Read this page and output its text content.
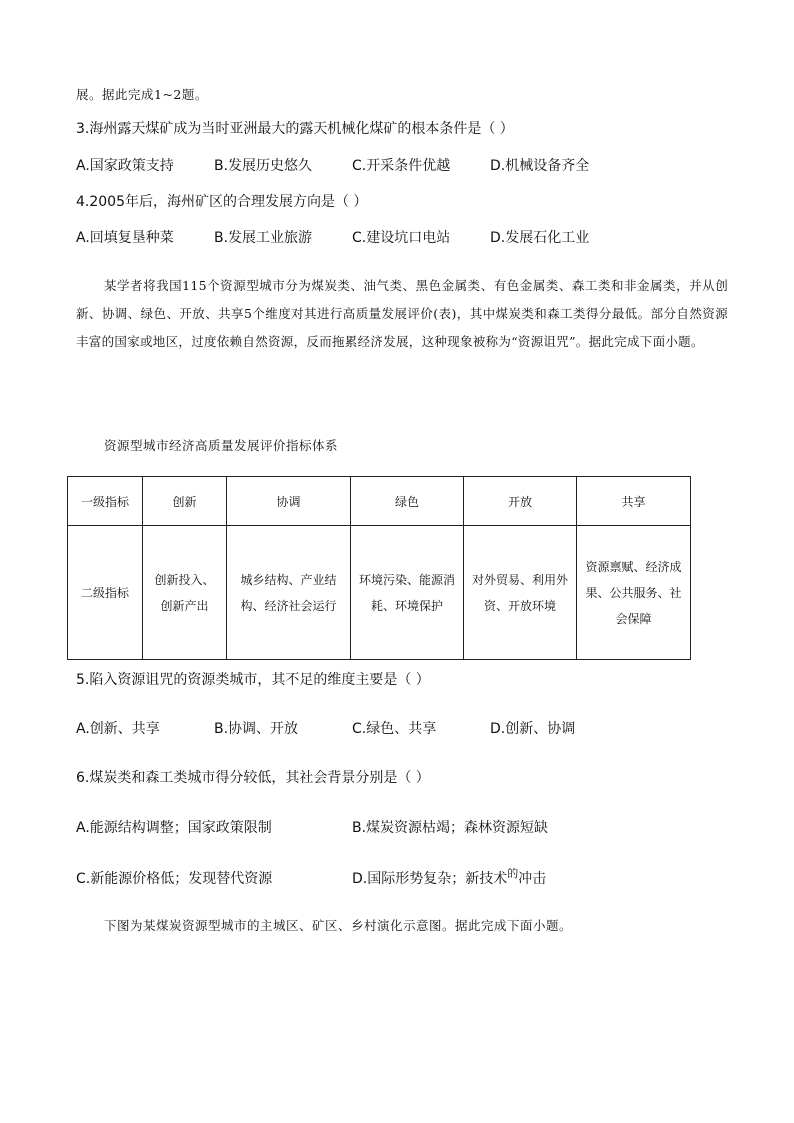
展。据此完成1~2题。
3.海州露天煤矿成为当时亚洲最大的露天机械化煤矿的根本条件是（ ）
A.国家政策支持	B.发展历史悠久	C.开采条件优越	D.机械设备齐全
4.2005年后，海州矿区的合理发展方向是（ ）
A.回填复垦种菜	B.发展工业旅游	C.建设坑口电站	D.发展石化工业
某学者将我国115个资源型城市分为煤炭类、油气类、黑色金属类、有色金属类、森工类和非金属类，并从创新、协调、绿色、开放、共享5个维度对其进行高质量发展评价(表)，其中煤炭类和森工类得分最低。部分自然资源丰富的国家或地区，过度依赖自然资源，反而拖累经济发展，这种现象被称为“资源诅咒”。据此完成下面小题。
资源型城市经济高质量发展评价指标体系
一级指标	创新	协调	绿色	开放	共享
二级指标	创新投入、创新产出	城乡结构、产业结构、经济社会运行	环境污染、能源消耗、环境保护	对外贸易、利用外资、开放环境	资源禀赋、经济成果、公共服务、社会保障
5.陷入资源诅咒的资源类城市，其不足的维度主要是（ ）
A.创新、共享	B.协调、开放	C.绿色、共享	D.创新、协调
6.煤炭类和森工类城市得分较低，其社会背景分别是（ ）
A.能源结构调整；国家政策限制	B.煤炭资源枯竭；森林资源短缺
C.新能源价格低；发现替代资源	D.国际形势复杂；新技术$^的$冲击
下图为某煤炭资源型城市的主城区、矿区、乡村演化示意图。据此完成下面小题。
